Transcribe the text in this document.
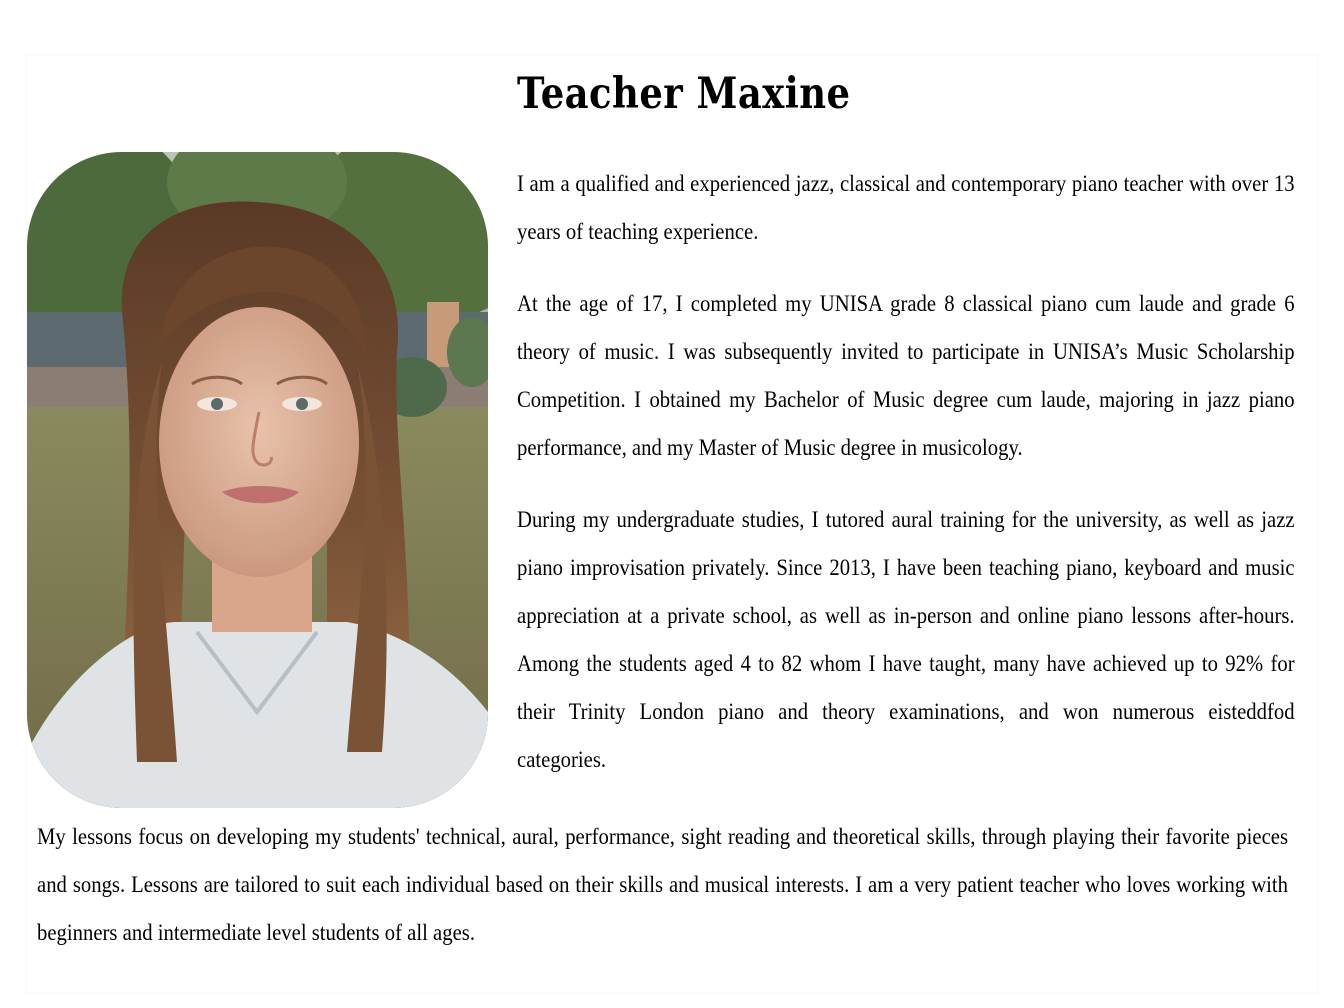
Teacher Maxine

I am a qualified and experienced jazz, classical and contemporary piano teacher with over 13 years of teaching experience.

At the age of 17, I completed my UNISA grade 8 classical piano cum laude and grade 6 theory of music. I was subsequently invited to participate in UNISA’s Music Scholarship Competition. I obtained my Bachelor of Music degree cum laude, majoring in jazz piano performance, and my Master of Music degree in musicology.

During my undergraduate studies, I tutored aural training for the university, as well as jazz piano improvisation privately. Since 2013, I have been teaching piano, keyboard and music appreciation at a private school, as well as in-person and online piano lessons after-hours. Among the students aged 4 to 82 whom I have taught, many have achieved up to 92% for their Trinity London piano and theory examinations, and won numerous eisteddfod categories.

My lessons focus on developing my students' technical, aural, performance, sight reading and theoretical skills, through playing their favorite pieces and songs. Lessons are tailored to suit each individual based on their skills and musical interests. I am a very patient teacher who loves working with beginners and intermediate level students of all ages.
